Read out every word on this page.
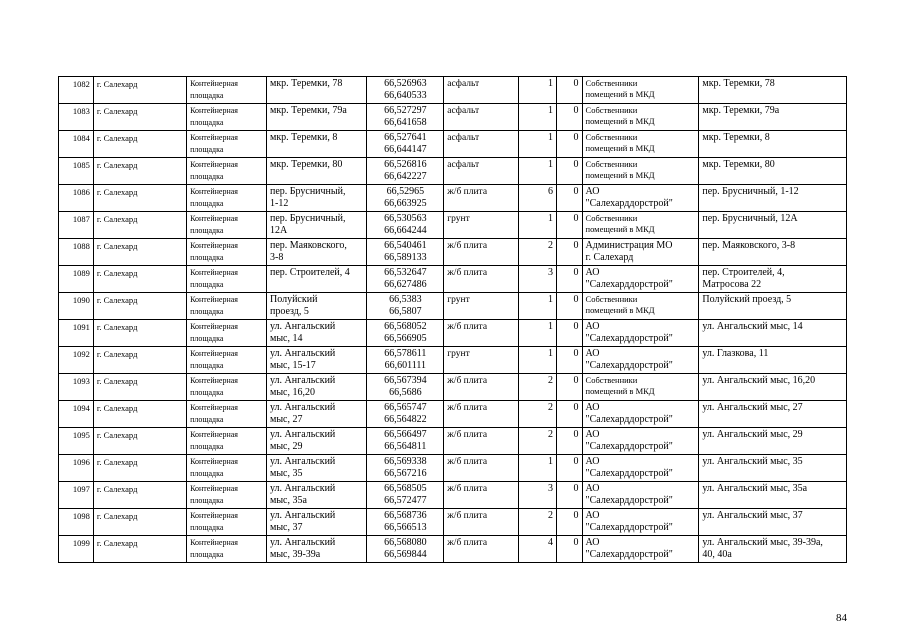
1082	г. Салехард	Контейнерная
площадка	мкр. Теремки, 78	66,526963
66,640533	асфальт	1	0	Собственники
помещений в МКД	мкр. Теремки, 78

1083	г. Салехард	Контейнерная
площадка	мкр. Теремки, 79а	66,527297
66,641658	асфальт	1	0	Собственники
помещений в МКД	мкр. Теремки, 79а

1084	г. Салехард	Контейнерная
площадка	мкр. Теремки, 8	66,527641
66,644147	асфальт	1	0	Собственники
помещений в МКД	мкр. Теремки, 8

1085	г. Салехард	Контейнерная
площадка	мкр. Теремки, 80	66,526816
66,642227	асфальт	1	0	Собственники
помещений в МКД	мкр. Теремки, 80

1086	г. Салехард	Контейнерная
площадка	пер. Брусничный,
1-12	66,52965
66,663925	ж/б плита	6	0	АО
"Салехарддорстрой"	пер. Брусничный, 1-12

1087	г. Салехард	Контейнерная
площадка	пер. Брусничный,
12А	66,530563
66,664244	грунт	1	0	Собственники
помещений в МКД	пер. Брусничный, 12А

1088	г. Салехард	Контейнерная
площадка	пер. Маяковского,
3-8	66,540461
66,589133	ж/б плита	2	0	Администрация МО
г. Салехард	пер. Маяковского, 3-8

1089	г. Салехард	Контейнерная
площадка	пер. Строителей, 4	66,532647
66,627486	ж/б плита	3	0	АО
"Салехарддорстрой"	пер. Строителей, 4,
Матросова 22

1090	г. Салехард	Контейнерная
площадка	Полуйский
проезд, 5	66,5383
66,5807	грунт	1	0	Собственники
помещений в МКД	Полуйский проезд, 5

1091	г. Салехард	Контейнерная
площадка	ул. Ангальский
мыс, 14	66,568052
66,566905	ж/б плита	1	0	АО
"Салехарддорстрой"	ул. Ангальский мыс, 14

1092	г. Салехард	Контейнерная
площадка	ул. Ангальский
мыс, 15-17	66,578611
66,601111	грунт	1	0	АО
"Салехарддорстрой"	ул. Глазкова, 11

1093	г. Салехард	Контейнерная
площадка	ул. Ангальский
мыс, 16,20	66,567394
66,5686	ж/б плита	2	0	Собственники
помещений в МКД	ул. Ангальский мыс, 16,20

1094	г. Салехард	Контейнерная
площадка	ул. Ангальский
мыс, 27	66,565747
66,564822	ж/б плита	2	0	АО
"Салехарддорстрой"	ул. Ангальский мыс, 27

1095	г. Салехард	Контейнерная
площадка	ул. Ангальский
мыс, 29	66,566497
66,564811	ж/б плита	2	0	АО
"Салехарддорстрой"	ул. Ангальский мыс, 29

1096	г. Салехард	Контейнерная
площадка	ул. Ангальский
мыс, 35	66,569338
66,567216	ж/б плита	1	0	АО
"Салехарддорстрой"	ул. Ангальский мыс, 35

1097	г. Салехард	Контейнерная
площадка	ул. Ангальский
мыс, 35а	66,568505
66,572477	ж/б плита	3	0	АО
"Салехарддорстрой"	ул. Ангальский мыс, 35а

1098	г. Салехард	Контейнерная
площадка	ул. Ангальский
мыс, 37	66,568736
66,566513	ж/б плита	2	0	АО
"Салехарддорстрой"	ул. Ангальский мыс, 37

1099	г. Салехард	Контейнерная
площадка	ул. Ангальский
мыс, 39-39а	66,568080
66,569844	ж/б плита	4	0	АО
"Салехарддорстрой"	ул. Ангальский мыс, 39-39а,
40, 40а
84
